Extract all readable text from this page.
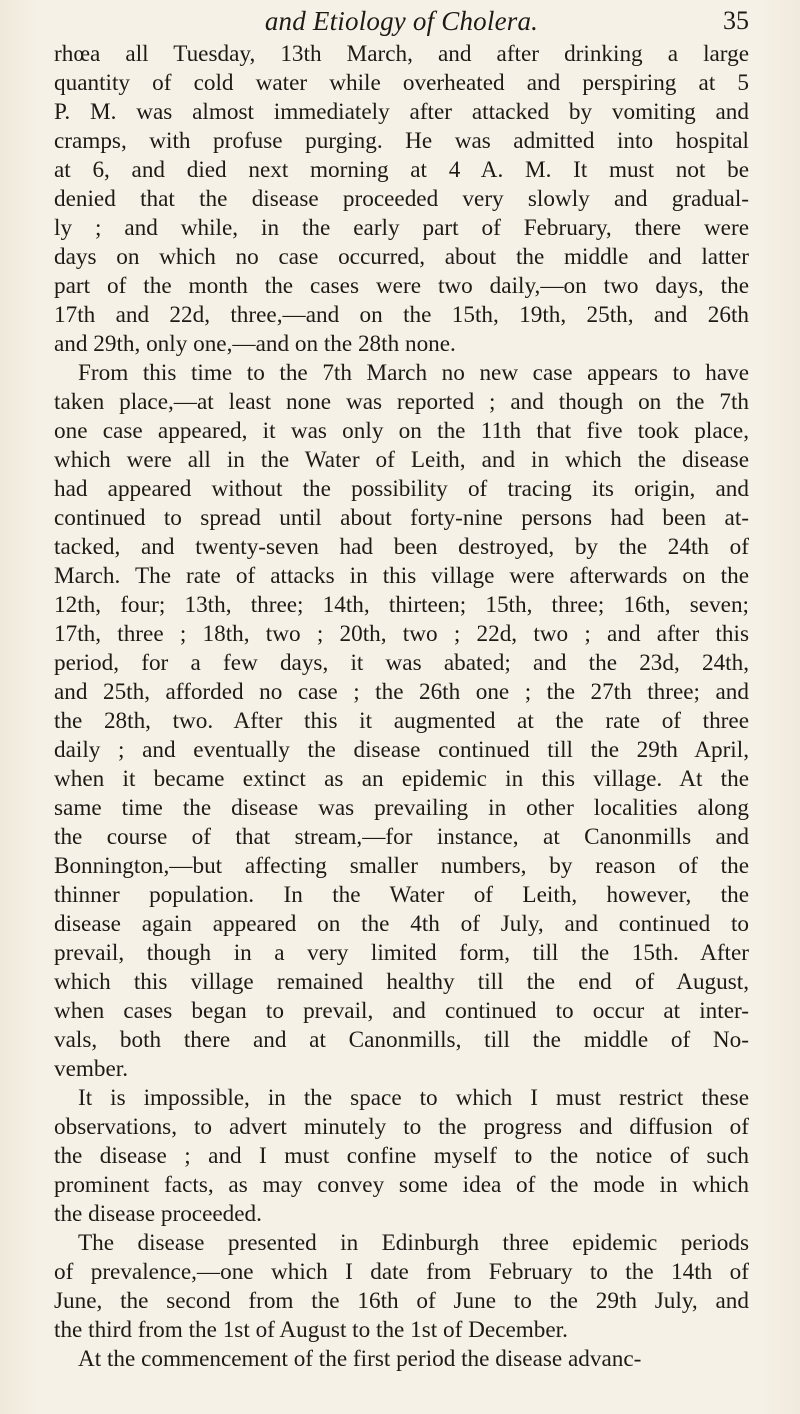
and Etiology of Cholera.	35
rhœa all Tuesday, 13th March, and after drinking a large
quantity of cold water while overheated and perspiring at 5
P. M. was almost immediately after attacked by vomiting and
cramps, with profuse purging. He was admitted into hospital
at 6, and died next morning at 4 A. M. It must not be
denied that the disease proceeded very slowly and gradual-
ly ; and while, in the early part of February, there were
days on which no case occurred, about the middle and latter
part of the month the cases were two daily,—on two days, the
17th and 22d, three,—and on the 15th, 19th, 25th, and 26th
and 29th, only one,—and on the 28th none.
From this time to the 7th March no new case appears to have
taken place,—at least none was reported ; and though on the 7th
one case appeared, it was only on the 11th that five took place,
which were all in the Water of Leith, and in which the disease
had appeared without the possibility of tracing its origin, and
continued to spread until about forty-nine persons had been at-
tacked, and twenty-seven had been destroyed, by the 24th of
March. The rate of attacks in this village were afterwards on the
12th, four; 13th, three; 14th, thirteen; 15th, three; 16th, seven;
17th, three ; 18th, two ; 20th, two ; 22d, two ; and after this
period, for a few days, it was abated; and the 23d, 24th,
and 25th, afforded no case ; the 26th one ; the 27th three; and
the 28th, two. After this it augmented at the rate of three
daily ; and eventually the disease continued till the 29th April,
when it became extinct as an epidemic in this village. At the
same time the disease was prevailing in other localities along
the course of that stream,—for instance, at Canonmills and
Bonnington,—but affecting smaller numbers, by reason of the
thinner population. In the Water of Leith, however, the
disease again appeared on the 4th of July, and continued to
prevail, though in a very limited form, till the 15th. After
which this village remained healthy till the end of August,
when cases began to prevail, and continued to occur at inter-
vals, both there and at Canonmills, till the middle of No-
vember.
It is impossible, in the space to which I must restrict these
observations, to advert minutely to the progress and diffusion of
the disease ; and I must confine myself to the notice of such
prominent facts, as may convey some idea of the mode in which
the disease proceeded.
The disease presented in Edinburgh three epidemic periods
of prevalence,—one which I date from February to the 14th of
June, the second from the 16th of June to the 29th July, and
the third from the 1st of August to the 1st of December.
At the commencement of the first period the disease advanc-
